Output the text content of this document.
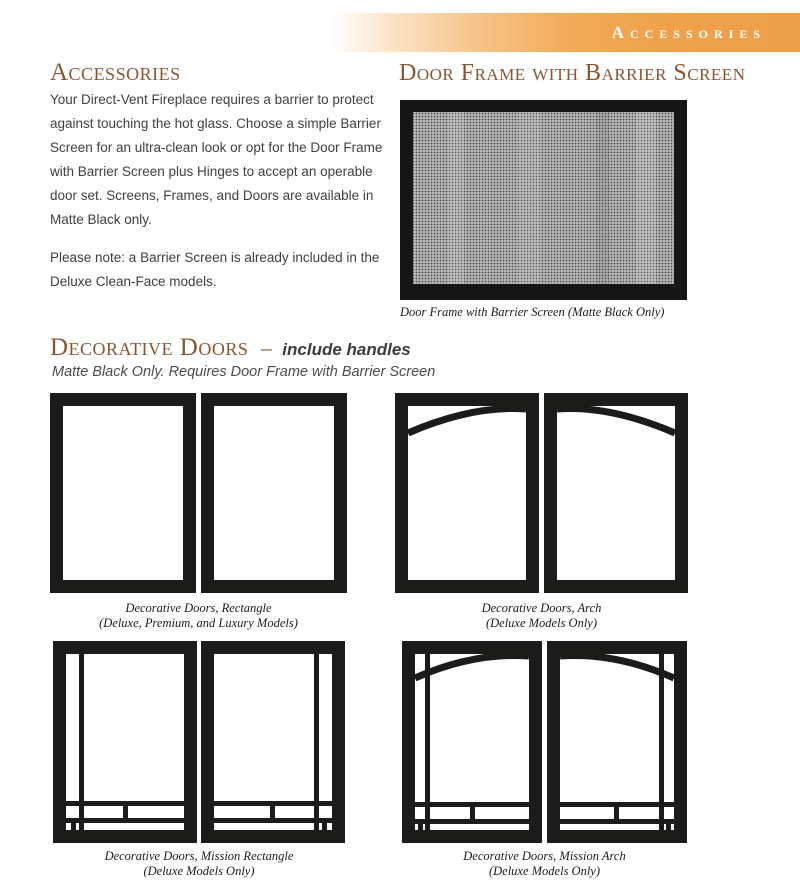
Accessories
Accessories

Your Direct-Vent Fireplace requires a barrier to protect against touching the hot glass. Choose a simple Barrier Screen for an ultra-clean look or opt for the Door Frame with Barrier Screen plus Hinges to accept an operable door set. Screens, Frames, and Doors are available in Matte Black only.

Please note: a Barrier Screen is already included in the Deluxe Clean-Face models.

Door Frame with Barrier Screen
Door Frame with Barrier Screen (Matte Black Only)
Decorative Doors – include handles
Matte Black Only. Requires Door Frame with Barrier Screen
Decorative Doors, Rectangle
(Deluxe, Premium, and Luxury Models)
Decorative Doors, Arch
(Deluxe Models Only)
Decorative Doors, Mission Rectangle
(Deluxe Models Only)
Decorative Doors, Mission Arch
(Deluxe Models Only)
